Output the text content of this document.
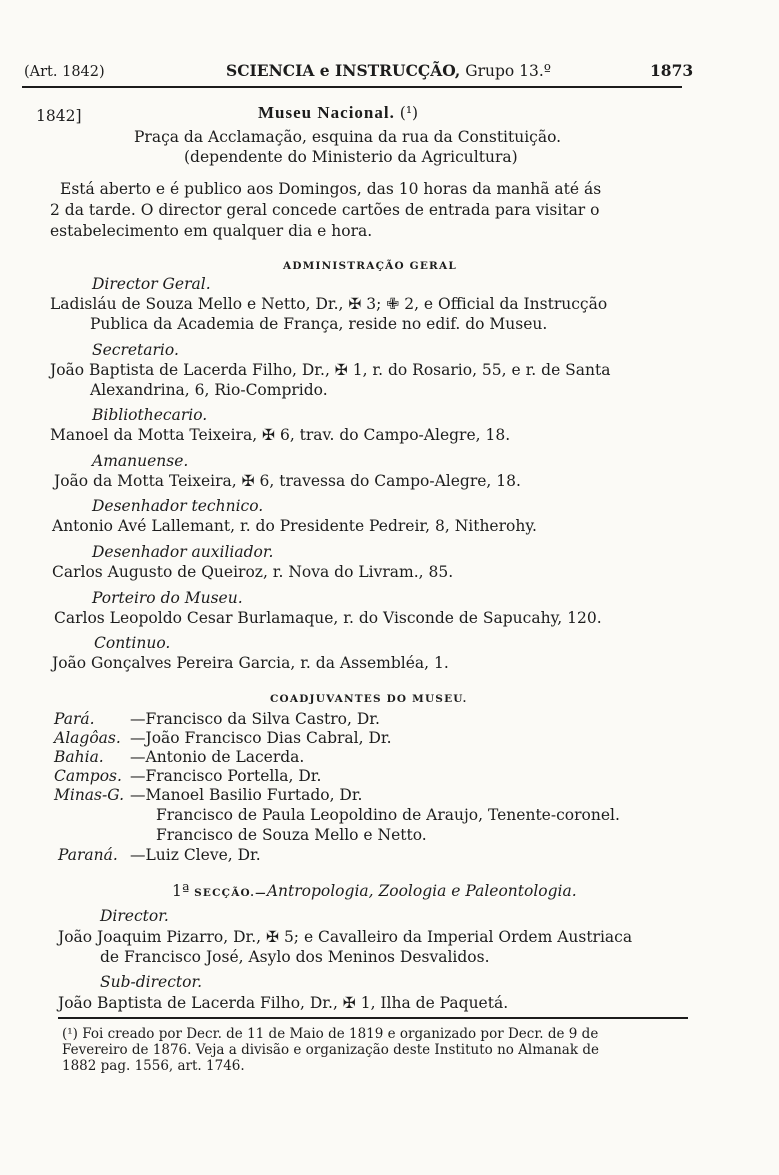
(Art. 1842)	SCIENCIA e INSTRUCÇÃO, Grupo 13.º	1873
1842]	Museu Nacional. (¹)
Praça da Acclamação, esquina da rua da Constituição.
(dependente do Ministerio da Agricultura)
Está aberto e é publico aos Domingos, das 10 horas da manhã até ás
2 da tarde. O director geral concede cartões de entrada para visitar o
estabelecimento em qualquer dia e hora.
ADMINISTRAÇÃO GERAL
Director Geral.
Ladisláu de Souza Mello e Netto, Dr., ✠ 3; ✙ 2, e Official da Instrucção
Publica da Academia de França, reside no edif. do Museu.
Secretario.
João Baptista de Lacerda Filho, Dr., ✠ 1, r. do Rosario, 55, e r. de Santa
Alexandrina, 6, Rio-Comprido.
Bibliothecario.
Manoel da Motta Teixeira, ✠ 6, trav. do Campo-Alegre, 18.
Amanuense.
João da Motta Teixeira, ✠ 6, travessa do Campo-Alegre, 18.
Desenhador technico.
Antonio Avé Lallemant, r. do Presidente Pedreir, 8, Nitherohy.
Desenhador auxiliador.
Carlos Augusto de Queiroz, r. Nova do Livram., 85.
Porteiro do Museu.
Carlos Leopoldo Cesar Burlamaque, r. do Visconde de Sapucahy, 120.
Continuo.
João Gonçalves Pereira Garcia, r. da Assembléa, 1.
COADJUVANTES DO MUSEU.
Pará. —Francisco da Silva Castro, Dr.
Alagôas. —João Francisco Dias Cabral, Dr.
Bahia. —Antonio de Lacerda.
Campos. —Francisco Portella, Dr.
Minas-G. —Manoel Basilio Furtado, Dr.
Francisco de Paula Leopoldino de Araujo, Tenente-coronel.
Francisco de Souza Mello e Netto.
Paraná. —Luiz Cleve, Dr.
1ª SECÇÃO.—Antropologia, Zoologia e Paleontologia.
Director.
João Joaquim Pizarro, Dr., ✠ 5; e Cavalleiro da Imperial Ordem Austriaca
de Francisco José, Asylo dos Meninos Desvalidos.
Sub-director.
João Baptista de Lacerda Filho, Dr., ✠ 1, Ilha de Paquetá.
(¹) Foi creado por Decr. de 11 de Maio de 1819 e organizado por Decr. de 9 de
Fevereiro de 1876. Veja a divisão e organização deste Instituto no Almanak de
1882 pag. 1556, art. 1746.
